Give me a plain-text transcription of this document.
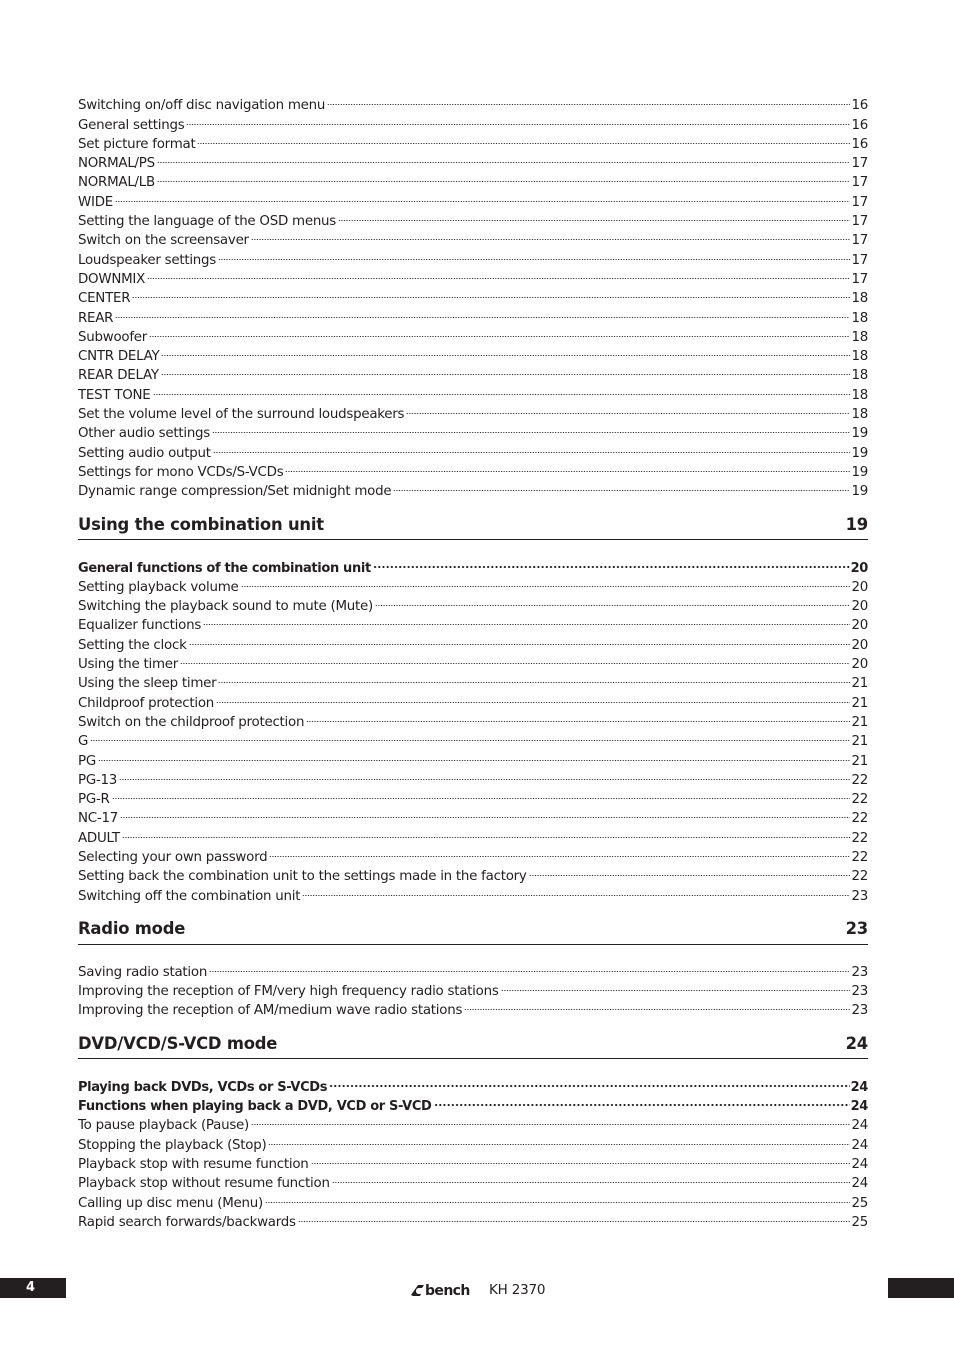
Switching on/off disc navigation menu	16
General settings	16
Set picture format	16
NORMAL/PS	17
NORMAL/LB	17
WIDE	17
Setting the language of the OSD menus	17
Switch on the screensaver	17
Loudspeaker settings	17
DOWNMIX	17
CENTER	18
REAR	18
Subwoofer	18
CNTR DELAY	18
REAR DELAY	18
TEST TONE	18
Set the volume level of the surround loudspeakers	18
Other audio settings	19
Setting audio output	19
Settings for mono VCDs/S-VCDs	19
Dynamic range compression/Set midnight mode	19
Using the combination unit	19
General functions of the combination unit	20
Setting playback volume	20
Switching the playback sound to mute (Mute)	20
Equalizer functions	20
Setting the clock	20
Using the timer	20
Using the sleep timer	21
Childproof protection	21
Switch on the childproof protection	21
G	21
PG	21
PG-13	22
PG-R	22
NC-17	22
ADULT	22
Selecting your own password	22
Setting back the combination unit to the settings made in the factory	22
Switching off the combination unit	23
Radio mode	23
Saving radio station	23
Improving the reception of FM/very high frequency radio stations	23
Improving the reception of AM/medium wave radio stations	23
DVD/VCD/S-VCD mode	24
Playing back DVDs, VCDs or S-VCDs	24
Functions when playing back a DVD, VCD or S-VCD	24
To pause playback (Pause)	24
Stopping the playback (Stop)	24
Playback stop with resume function	24
Playback stop without resume function	24
Calling up disc menu (Menu)	25
Rapid search forwards/backwards	25
4	bench KH 2370
